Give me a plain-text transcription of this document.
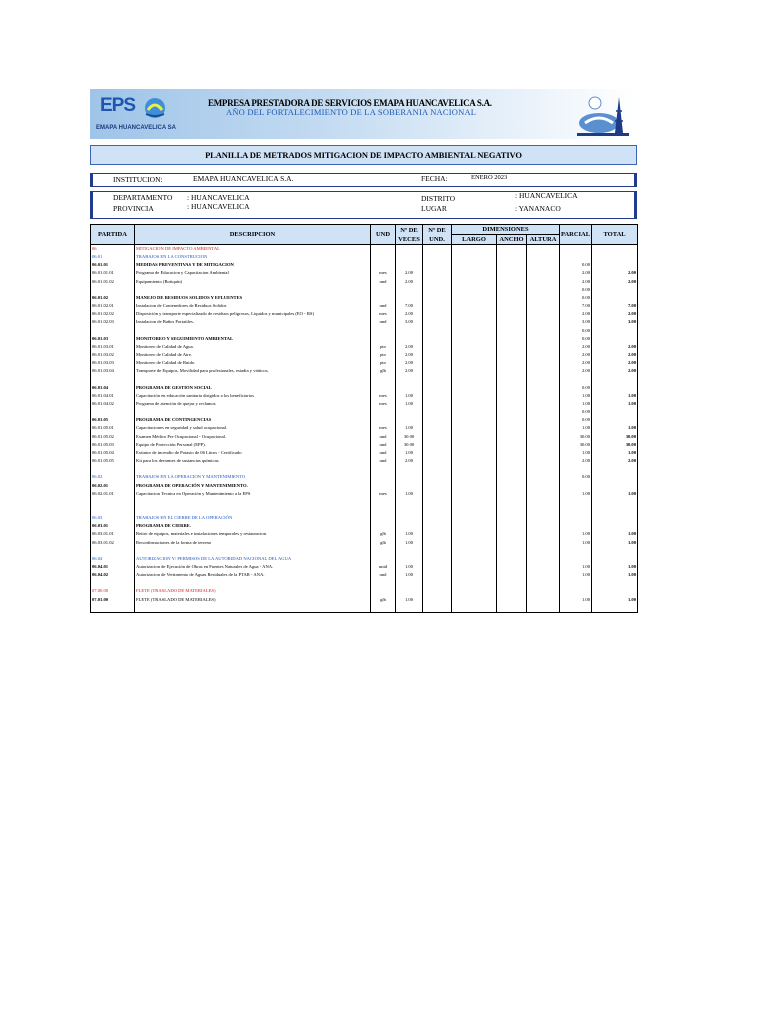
EPS
EMAPA HUANCAVELICA SA
EMPRESA PRESTADORA DE SERVICIOS EMAPA HUANCAVELICA S.A.
AÑO DEL FORTALECIMIENTO DE LA SOBERANIA NACIONAL
PLANILLA DE METRADOS MITIGACION DE IMPACTO AMBIENTAL NEGATIVO
INSTITUCION:	EMAPA HUANCAVELICA S.A.	FECHA:	ENERO 2023
DEPARTAMENTO : HUANCAVELICA
PROVINCIA	: HUANCAVELICA
DISTRITO	: HUANCAVELICA
LUGAR	: YANANACO
PARTIDA	DESCRIPCION	UND	Nº DE VECES	Nº DE UND.	DIMENSIONES			PARCIAL	TOTAL
					LARGO	ANCHO	ALTURA		
06	MITIGACION DE IMPACTO AMBIENTAL								
06.01	TRABAJOS EN LA CONSTRUCION								
06.01.01	MEDIDAS PREVENTIVAS Y DE MITIGACION							0.00	
06.01.01.01	Programa de Educacion y Capacitacion Ambiental	mes	2.00					2.00	2.00
06.01.01.02	Equipamiento (Botiquín)	und	2.00					2.00	2.00
								0.00	
06.01.02	MANEJO DE RESIDUOS SOLIDOS Y EFLUENTES							0.00	
06.01.02.01	Instalacion de Contenedores de Residuos Solidos	und	7.00					7.00	7.00
06.01.02.02	Disposición y transporte especializado de residuos peligrosos, Liquidos y municipales (EO - RS)	mes	2.00					2.00	2.00
06.01.02.03	Instalacion de Baños Portatiles.	und	3.00					3.00	3.00
								0.00	
06.01.03	MONITOREO Y SEGUIMIENTO AMBIENTAL							0.00	
06.01.03.01	Monitoreo de Calidad de Agua.	pto	2.00					2.00	2.00
06.01.03.02	Monitoreo de Calidad de Aire.	pto	2.00					2.00	2.00
06.01.03.03	Monitoreo de Calidad de Ruido.	pto	2.00					2.00	2.00
06.01.03.04	Transporte de Equipos, Movilidad para profesionales, estadia y viáticos.	glb	2.00					2.00	2.00

06.01.04	PROGRAMA DE GESTION SOCIAL							0.00	
06.01.04.01	Capacitación en educación sanitaria dirigidos a los beneficiarios	mes	1.00					1.00	1.00
06.01.04.02	Programa de atención de quejas y reclamos	mes	1.00					1.00	1.00
								0.00	
06.01.05	PROGRAMA DE CONTINGENCIAS							0.00	
06.01.05.01	Capacitaciones en seguridad y salud ocupacional.	mes	1.00					1.00	1.00
06.01.05.02	Examen Médico Pre Ocupacional - Ocupacional.	und	30.00					30.00	30.00
06.01.05.03	Equipo de Protección Personal (EPP).	und	30.00					30.00	30.00
06.01.05.04	Extintor de incendio de Potasio de 06 Litros - Certificado	und	1.00					1.00	1.00
06.01.05.05	Kit para los derrames de sustancias químicas.	und	2.00					2.00	2.00

06.02	TRABAJOS EN LA OPERACION Y MANTENIMIENTO							0.00	
06.02.01	PROGRAMA DE OPERACIÓN Y MANTENIMIENTO.								
06.02.01.01	Capacitacion Tecnica en Operación y Mantenimiento a la EPS	mes	1.00					1.00	1.00

06.03	TRABAJOS EN EL CIERRE DE LA OPERACIÓN								
06.03.01	PROGRAMA DE CIERRE.								
06.03.01.01	Retiro de equipos, materiales e instalaciones temporales y restauracion.	glb	1.00					1.00	1.00
06.03.01.02	Reconfirmaciones de la forma de terreno	glb	1.00					1.00	1.00

06.04	AUTORIZACION Y/ PERMISOS DE LA AUTORIDAD NACIONAL DEL AGUA								
06.04.01	Autorizacion de Ejecución de Obras en Fuentes Naturales de Agua - ANA.	unid	1.00					1.00	1.00
06.04.02	Autorizacion de Vertimiento de Aguas Residuales de la PTAR - ANA.	und	1.00					1.00	1.00

07.00.00	FLETE (TRASLADO DE MATERIALES)								
07.01.00	FLETE (TRASLADO DE MATERIALES)	glb	1.00					1.00	1.00
